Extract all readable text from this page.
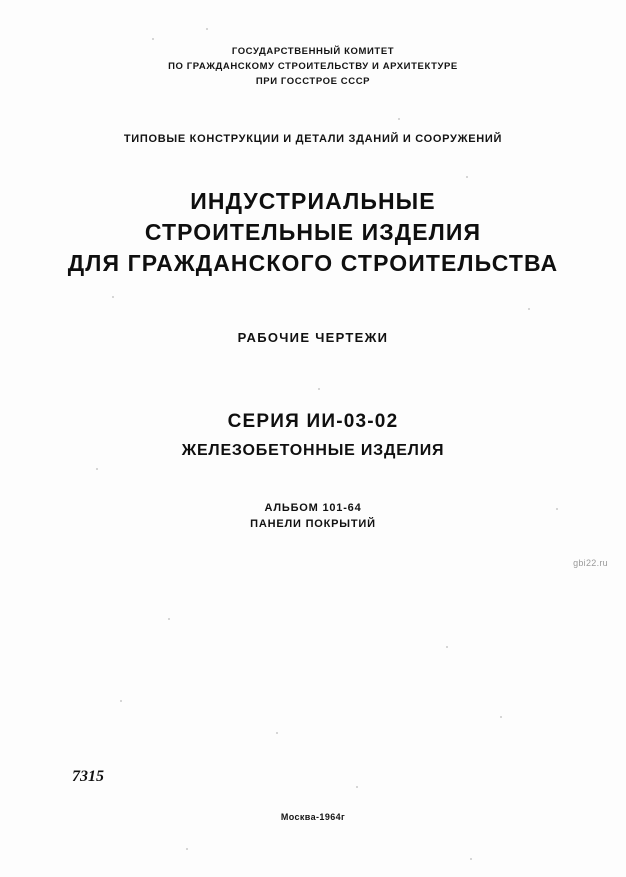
ГОСУДАРСТВЕННЫЙ КОМИТЕТ
ПО ГРАЖДАНСКОМУ СТРОИТЕЛЬСТВУ И АРХИТЕКТУРЕ
ПРИ ГОССТРОЕ СССР
ТИПОВЫЕ КОНСТРУКЦИИ И ДЕТАЛИ ЗДАНИЙ И СООРУЖЕНИЙ
ИНДУСТРИАЛЬНЫЕ
СТРОИТЕЛЬНЫЕ ИЗДЕЛИЯ
ДЛЯ ГРАЖДАНСКОГО СТРОИТЕЛЬСТВА
РАБОЧИЕ ЧЕРТЕЖИ
СЕРИЯ ИИ-03-02
ЖЕЛЕЗОБЕТОННЫЕ ИЗДЕЛИЯ
АЛЬБОМ 101-64
ПАНЕЛИ ПОКРЫТИЙ
gbi22.ru
7315
Москва-1964г
